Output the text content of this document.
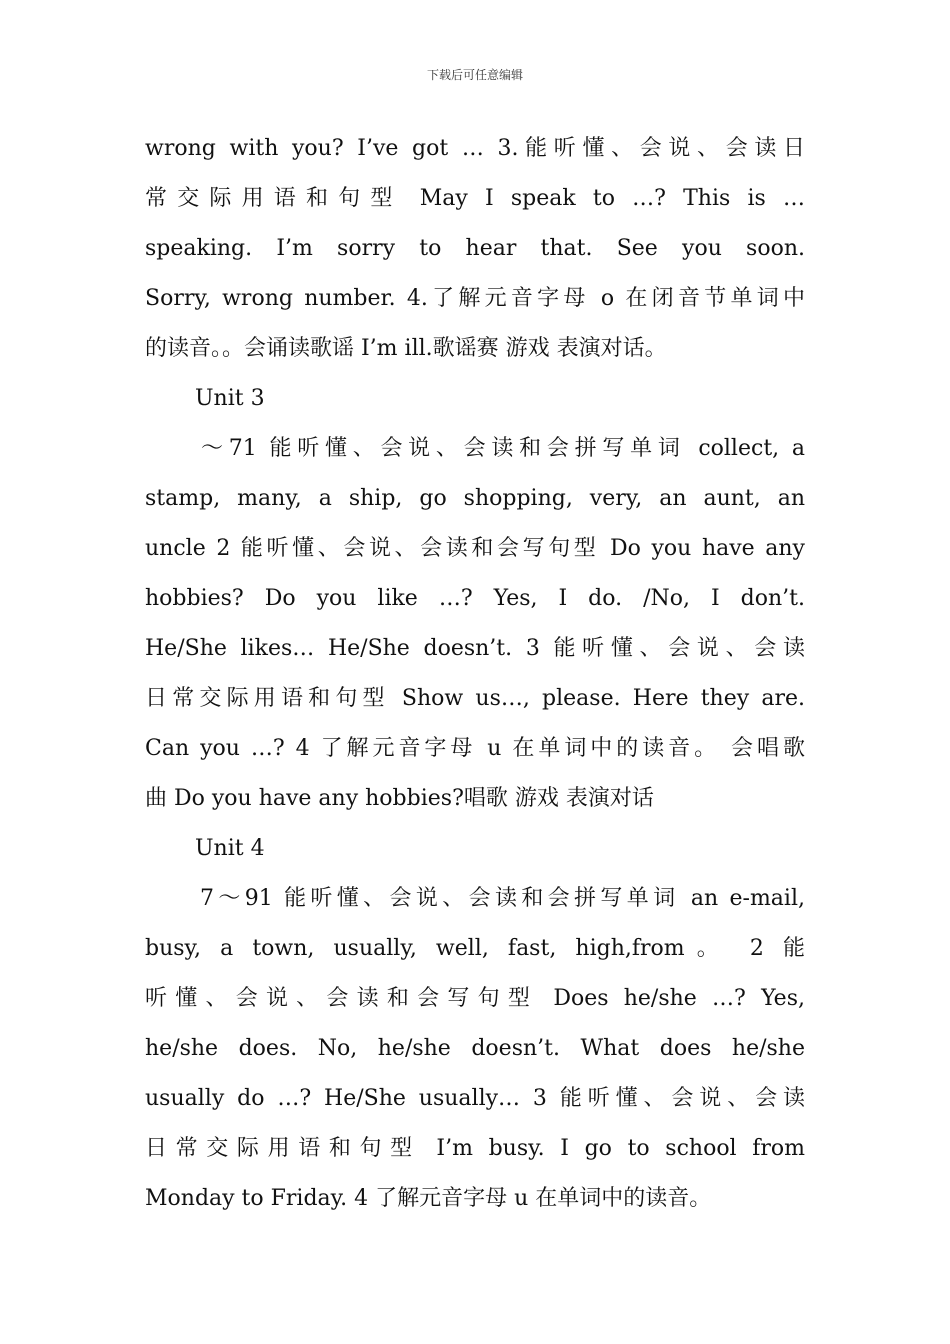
下载后可任意编辑
wrong with you? I’ve got … 3.能听懂、会说、会读日
常交际用语和句型 May I speak to …? This is …
speaking. I’m sorry to hear that. See you soon.
Sorry, wrong number. 4.了解元音字母 o 在闭音节单词中
的读音。。会诵读歌谣 I’m ill.歌谣赛 游戏 表演对话。
Unit 3
～71 能听懂、会说、会读和会拼写单词 collect, a
stamp, many, a ship, go shopping, very, an aunt, an
uncle 2 能听懂、会说、会读和会写句型 Do you have any
hobbies? Do you like …? Yes, I do. /No, I don’t.
He/She likes… He/She doesn’t. 3 能听懂、会说、会读
日常交际用语和句型 Show us…, please. Here they are.
Can you …? 4 了解元音字母 u 在单词中的读音。 会唱歌
曲 Do you have any hobbies?唱歌 游戏 表演对话
Unit 4
7～91 能听懂、会说、会读和会拼写单词 an e-mail,
busy, a town, usually, well, fast, high,from。 2 能
听懂、会说、会读和会写句型 Does he/she …? Yes,
he/she does. No, he/she doesn’t. What does he/she
usually do …? He/She usually… 3 能听懂、会说、会读
日常交际用语和句型 I’m busy. I go to school from
Monday to Friday. 4 了解元音字母 u 在单词中的读音。
